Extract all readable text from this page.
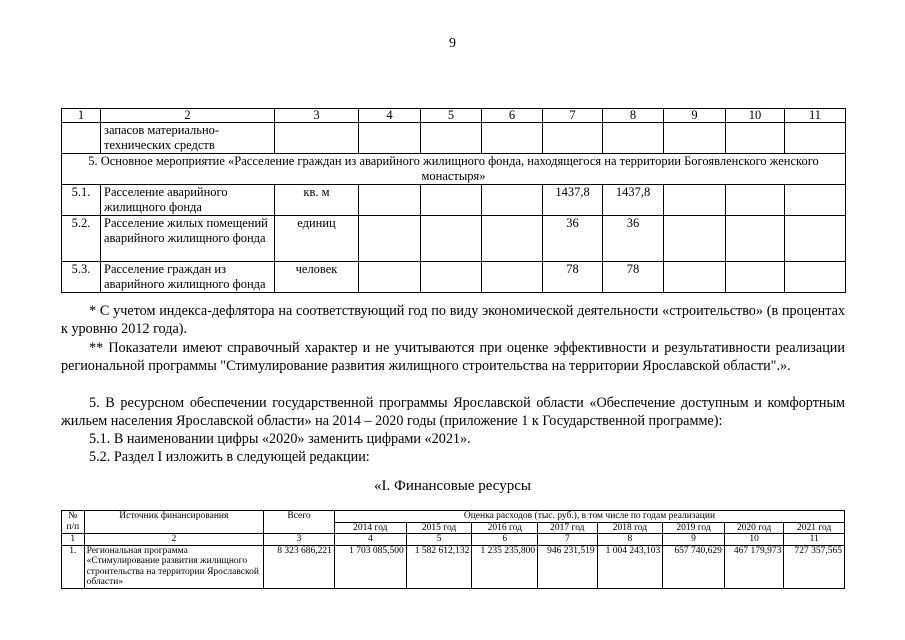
9
1	2	3	4	5	6	7	8	9	10	11
	запасов материально-технических средств									
5. Основное мероприятие «Расселение граждан из аварийного жилищного фонда, находящегося на территории Богоявленского женского монастыря»										
5.1.	Расселение аварийного жилищного фонда	кв. м				1437,8	1437,8			
5.2.	Расселение жилых помещений аварийного жилищного фонда	единиц				36	36			
5.3.	Расселение граждан из аварийного жилищного фонда	человек				78	78			
* С учетом индекса-дефлятора на соответствующий год по виду экономической деятельности «строительство» (в процентах к уровню 2012 года).
** Показатели имеют справочный характер и не учитываются при оценке эффективности и результативности реализации региональной программы "Стимулирование развития жилищного строительства на территории Ярославской области".».
5. В ресурсном обеспечении государственной программы Ярославской области «Обеспечение доступным и комфортным жильем населения Ярославской области» на 2014 – 2020 годы (приложение 1 к Государственной программе):
5.1. В наименовании цифры «2020» заменить цифрами «2021».
5.2. Раздел I изложить в следующей редакции:
«I. Финансовые ресурсы
№ п/п	Источник финансирования	Всего	Оценка расходов (тыс. руб.), в том числе по годам реализации							
			2014 год	2015 год	2016 год	2017 год	2018 год	2019 год	2020 год	2021 год
1	2	3	4	5	6	7	8	9	10	11
1.	Региональная программа «Стимулирование развития жилищного строительства на территории Ярославской области»	8 323 686,221	1 703 085,500	1 582 612,132	1 235 235,800	946 231,519	1 004 243,103	657 740,629	467 179,973	727 357,565
